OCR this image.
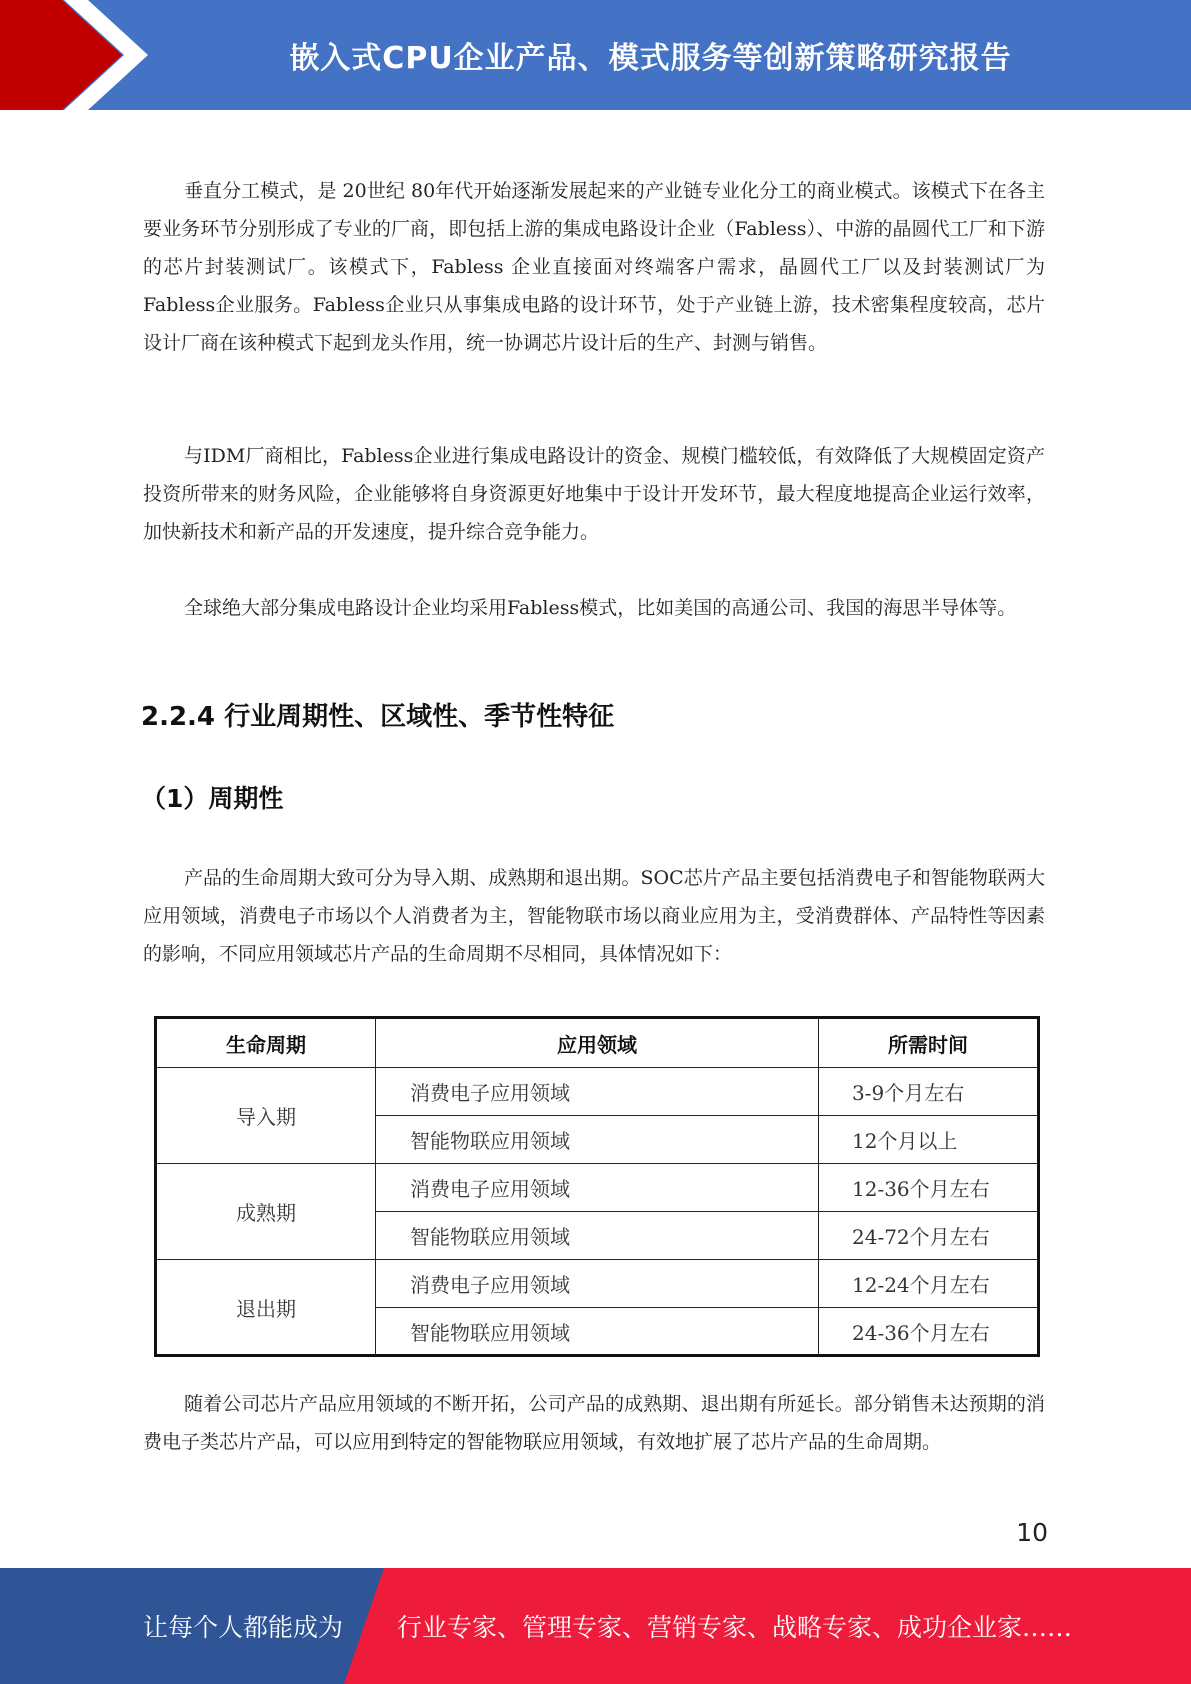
嵌入式CPU企业产品、模式服务等创新策略研究报告
垂直分工模式，是 20世纪 80年代开始逐渐发展起来的产业链专业化分工的商业模式。该模式下在各主要业务环节分别形成了专业的厂商，即包括上游的集成电路设计企业（Fabless）、中游的晶圆代工厂和下游的芯片封装测试厂。该模式下，Fabless 企业直接面对终端客户需求，晶圆代工厂以及封装测试厂为Fabless企业服务。Fabless企业只从事集成电路的设计环节，处于产业链上游，技术密集程度较高，芯片设计厂商在该种模式下起到龙头作用，统一协调芯片设计后的生产、封测与销售。
与IDM厂商相比，Fabless企业进行集成电路设计的资金、规模门槛较低，有效降低了大规模固定资产投资所带来的财务风险，企业能够将自身资源更好地集中于设计开发环节，最大程度地提高企业运行效率，加快新技术和新产品的开发速度，提升综合竞争能力。
全球绝大部分集成电路设计企业均采用Fabless模式，比如美国的高通公司、我国的海思半导体等。
2.2.4 行业周期性、区域性、季节性特征
（1）周期性
产品的生命周期大致可分为导入期、成熟期和退出期。SOC芯片产品主要包括消费电子和智能物联两大应用领域，消费电子市场以个人消费者为主，智能物联市场以商业应用为主，受消费群体、产品特性等因素的影响，不同应用领域芯片产品的生命周期不尽相同，具体情况如下：
生命周期	应用领域	所需时间
导入期	消费电子应用领域	3-9个月左右
	智能物联应用领域	12个月以上
成熟期	消费电子应用领域	12-36个月左右
	智能物联应用领域	24-72个月左右
退出期	消费电子应用领域	12-24个月左右
	智能物联应用领域	24-36个月左右
随着公司芯片产品应用领域的不断开拓，公司产品的成熟期、退出期有所延长。部分销售未达预期的消费电子类芯片产品，可以应用到特定的智能物联应用领域，有效地扩展了芯片产品的生命周期。
10
让每个人都能成为 行业专家、管理专家、营销专家、战略专家、成功企业家……
